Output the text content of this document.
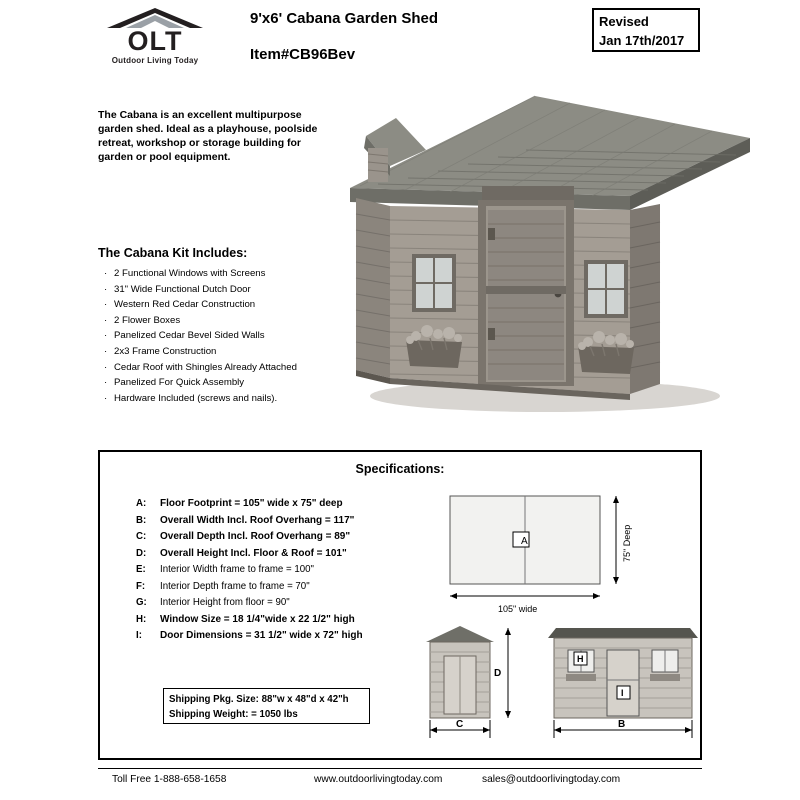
OLT
Outdoor Living Today
9'x6' Cabana Garden Shed
Item#CB96Bev
Revised
Jan 17th/2017
The Cabana is an excellent multipurpose garden shed. Ideal as a playhouse, poolside retreat, workshop or storage building for garden or pool equipment.
The Cabana Kit Includes:
· 2 Functional Windows with Screens
· 31" Wide Functional Dutch Door
· Western Red Cedar Construction
· 2 Flower Boxes
· Panelized Cedar Bevel Sided Walls
· 2x3 Frame Construction
· Cedar Roof with Shingles Already Attached
· Panelized For Quick Assembly
· Hardware Included (screws and nails).
Specifications:
A: Floor Footprint = 105" wide x 75" deep
B: Overall Width Incl. Roof Overhang = 117"
C: Overall Depth Incl. Roof Overhang = 89"
D: Overall Height Incl. Floor & Roof = 101"
E: Interior Width frame to frame = 100"
F: Interior Depth frame to frame = 70"
G: Interior Height from floor = 90"
H: Window Size = 18 1/4"wide x 22 1/2" high
I: Door Dimensions = 31 1/2" wide x 72" high
Shipping Pkg. Size: 88"w x 48"d x 42"h
Shipping Weight: = 1050 lbs
A	75" Deep
105" wide
D
C
H
I
B
Toll Free 1-888-658-1658	www.outdoorlivingtoday.com	sales@outdoorlivingtoday.com
